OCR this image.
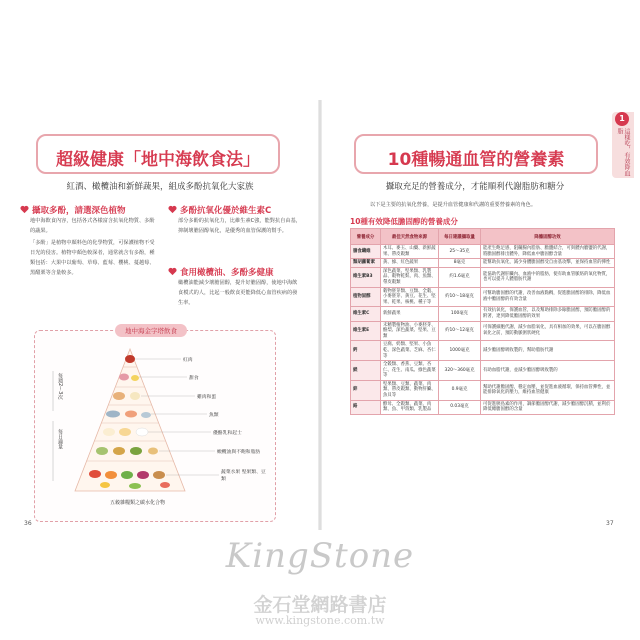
超級健康「地中海飲食法」
紅酒、橄欖油和新鮮蔬果，組成多酚抗氧化大家族
攝取多酚，請選深色植物
地中海飲食內容，包括各式各樣富含抗氧化物質、多酚的蔬果。
「多酚」是植物中顏料色的化學物質，可保護植物不受日光的侵害。植物中顏色較深者，通常就含有多酚，種類包括：大果中以葡萄、草莓、藍莓、櫻桃、蔓越莓、黑醋栗等含量較多。
多酚抗氧化優於維生素C
部分多酚的抗氧化力，比維生素C強，能對抗自由基，抑制壞膽固醇氧化，是優秀的血管保護的幫手。
食用橄欖油、多酚多健康
橄欖油能減少壞膽固醇，提升好膽固醇，使地中海飲食模式的人，比起一般飲食更能降低心血管疾病的發生率。
地中海金字塔飲食
紅肉
甜食
雞肉和蛋
魚類
優酪乳和起士
橄欖油與不飽和脂肪
蔬菜水果 堅果類、豆類
每週2～3次
每日適量
五穀雜糧類之碳水化合物
36
10種暢通血管的營養素
攝取充足的營養成分，才能順利代謝脂肪和糖分
以下是主要的抗氧化營養，是提升血管健康和代謝的重要營養素的角色。
10種有效降低膽固醇的營養成分
營養成分	最佳天然食物來源	每日建議攝取量	降膽固醇功效
膳食纖維	木耳、麥玉、山藥、新鮮蔬果、帶皮穀類	25〜35克	能產生飽足感，阻礙腸內脂肪、膽鹽結合，可與體內膽鹽的代謝，將膽固醇排出體外，降低血中膽固醇含量
類胡蘿蔔素	黃、綠、紅色蔬果	8毫克	能幫助抗氧化，減少身體膽固醇受自由基攻擊，並保持血管的彈性
維生素B3	深色蔬菜、堅果類、乳製品、穀物乾麩、肉、魚類、帶皮穀類	約1.6毫克	能協助代謝肝臟內、血液中的脂肪，使有助血管脈絡的氧化物質，也可以提升人體脂肪代謝
植物固醇	穀物胚芽類、豆類、全穀、小麥胚芽、黃豆、花生、堅果、乾果、核桃、種子等	約10〜18毫克	可幫助膽固醇的代謝，改善血液黏稠，促進膽固醇的排除，降低血液中膽固醇的有效含量
維生素C	新鮮蔬果	100毫克	有效抗氧化，保護血管，以及幫助排除多餘膽固醇，預防膽固醇的附著，達到降低膽固醇的效果
維生素E	未精製植物油、小麥胚芽、酪梨、深色蔬菜、堅果、豆類	約10〜12毫克	可保護細胞代謝，減少血脂氧化，具有相加的效果，可以在膽固醇氧化之前，預防動脈粥狀硬化
鈣	豆腐、奶類、堅果、小魚乾、深色蔬菜、芝麻、杏仁等	1000毫克	減少膽固醇吸收製的，幫助脂肪代謝
鎂	全穀類、香蕉、豆類、杏仁、花生、南瓜、綠色蔬菜等	320〜360毫克	有助血脂代謝，並減少膽固醇吸收製的
鋅	堅果類、豆類、蔬菜、肉類、帶皮穀類、動物肝臟、魚貝等	0.9毫克	幫助代謝膽固醇，穩定血壓，並促進血液循環，保持血管彈性，並能排除氧化的壓力，維持血管健康
鉻	酵母、全穀類、蔬菜、肉類、魚、甲殼類、乳製品	0.03毫克	可促進胰島素的作用，調節膽固醇代謝，減少膽固醇沉積，並利於降低總膽固醇的含量
37
1
這樣吃，有效降血脂
KingStone
金石堂網路書店
www.kingstone.com.tw
